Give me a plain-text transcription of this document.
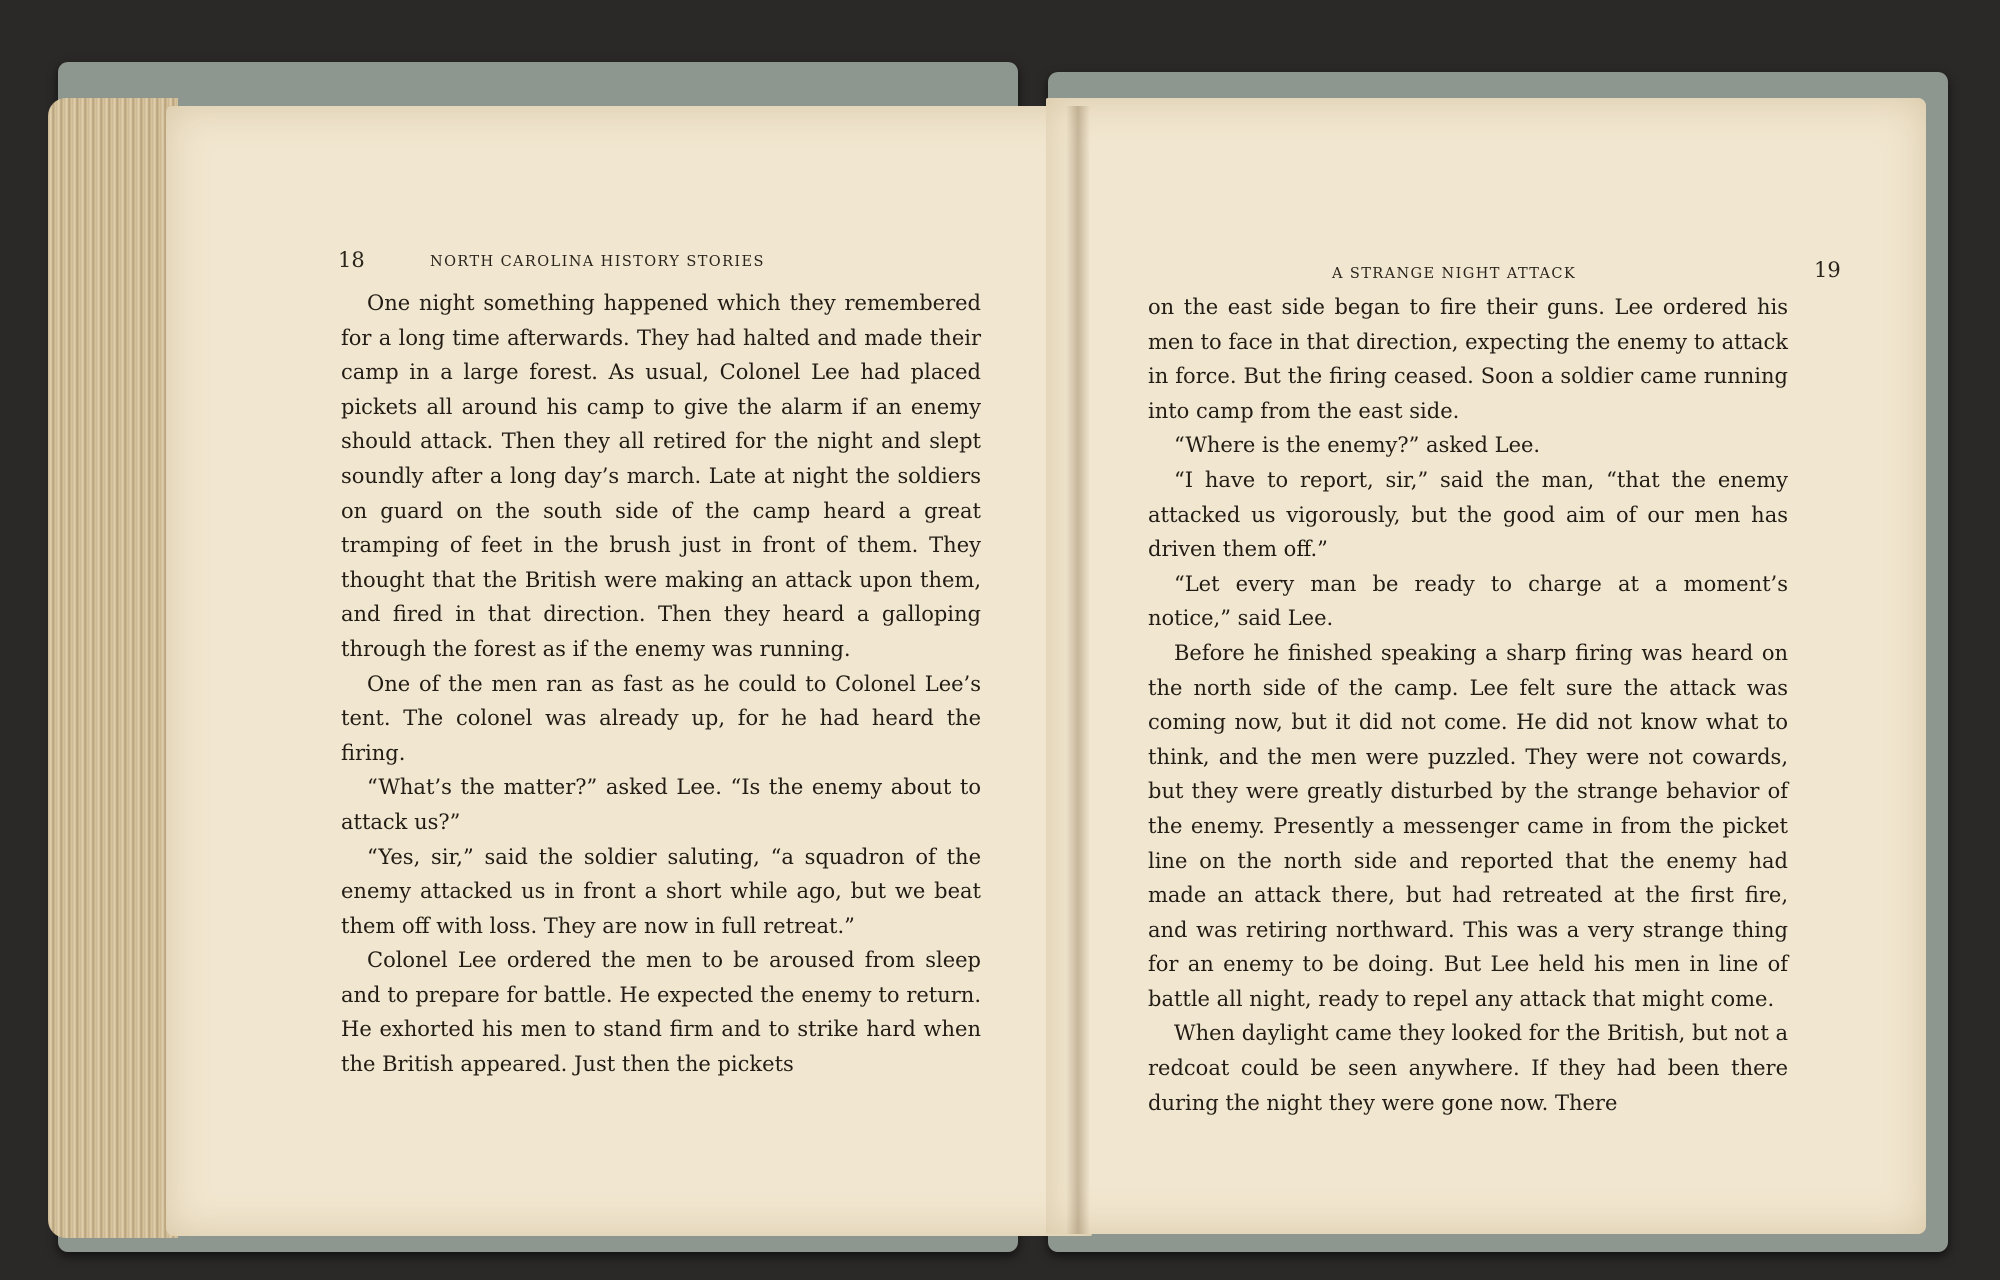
18	NORTH CAROLINA HISTORY STORIES

One night something happened which they remembered for a long time afterwards. They had halted and made their camp in a large forest. As usual, Colonel Lee had placed pickets all around his camp to give the alarm if an enemy should attack. Then they all retired for the night and slept soundly after a long day’s march. Late at night the soldiers on guard on the south side of the camp heard a great tramping of feet in the brush just in front of them. They thought that the British were making an attack upon them, and fired in that direction. Then they heard a galloping through the forest as if the enemy was running.

One of the men ran as fast as he could to Colonel Lee’s tent. The colonel was already up, for he had heard the firing.

“What’s the matter?” asked Lee. “Is the enemy about to attack us?”

“Yes, sir,” said the soldier saluting, “a squadron of the enemy attacked us in front a short while ago, but we beat them off with loss. They are now in full retreat.”

Colonel Lee ordered the men to be aroused from sleep and to prepare for battle. He expected the enemy to return. He exhorted his men to stand firm and to strike hard when the British appeared. Just then the pickets

A STRANGE NIGHT ATTACK	19

on the east side began to fire their guns. Lee ordered his men to face in that direction, expecting the enemy to attack in force. But the firing ceased. Soon a soldier came running into camp from the east side.

“Where is the enemy?” asked Lee.

“I have to report, sir,” said the man, “that the enemy attacked us vigorously, but the good aim of our men has driven them off.”

“Let every man be ready to charge at a moment’s notice,” said Lee.

Before he finished speaking a sharp firing was heard on the north side of the camp. Lee felt sure the attack was coming now, but it did not come. He did not know what to think, and the men were puzzled. They were not cowards, but they were greatly disturbed by the strange behavior of the enemy. Presently a messenger came in from the picket line on the north side and reported that the enemy had made an attack there, but had retreated at the first fire, and was retiring northward. This was a very strange thing for an enemy to be doing. But Lee held his men in line of battle all night, ready to repel any attack that might come.

When daylight came they looked for the British, but not a redcoat could be seen anywhere. If they had been there during the night they were gone now. There
